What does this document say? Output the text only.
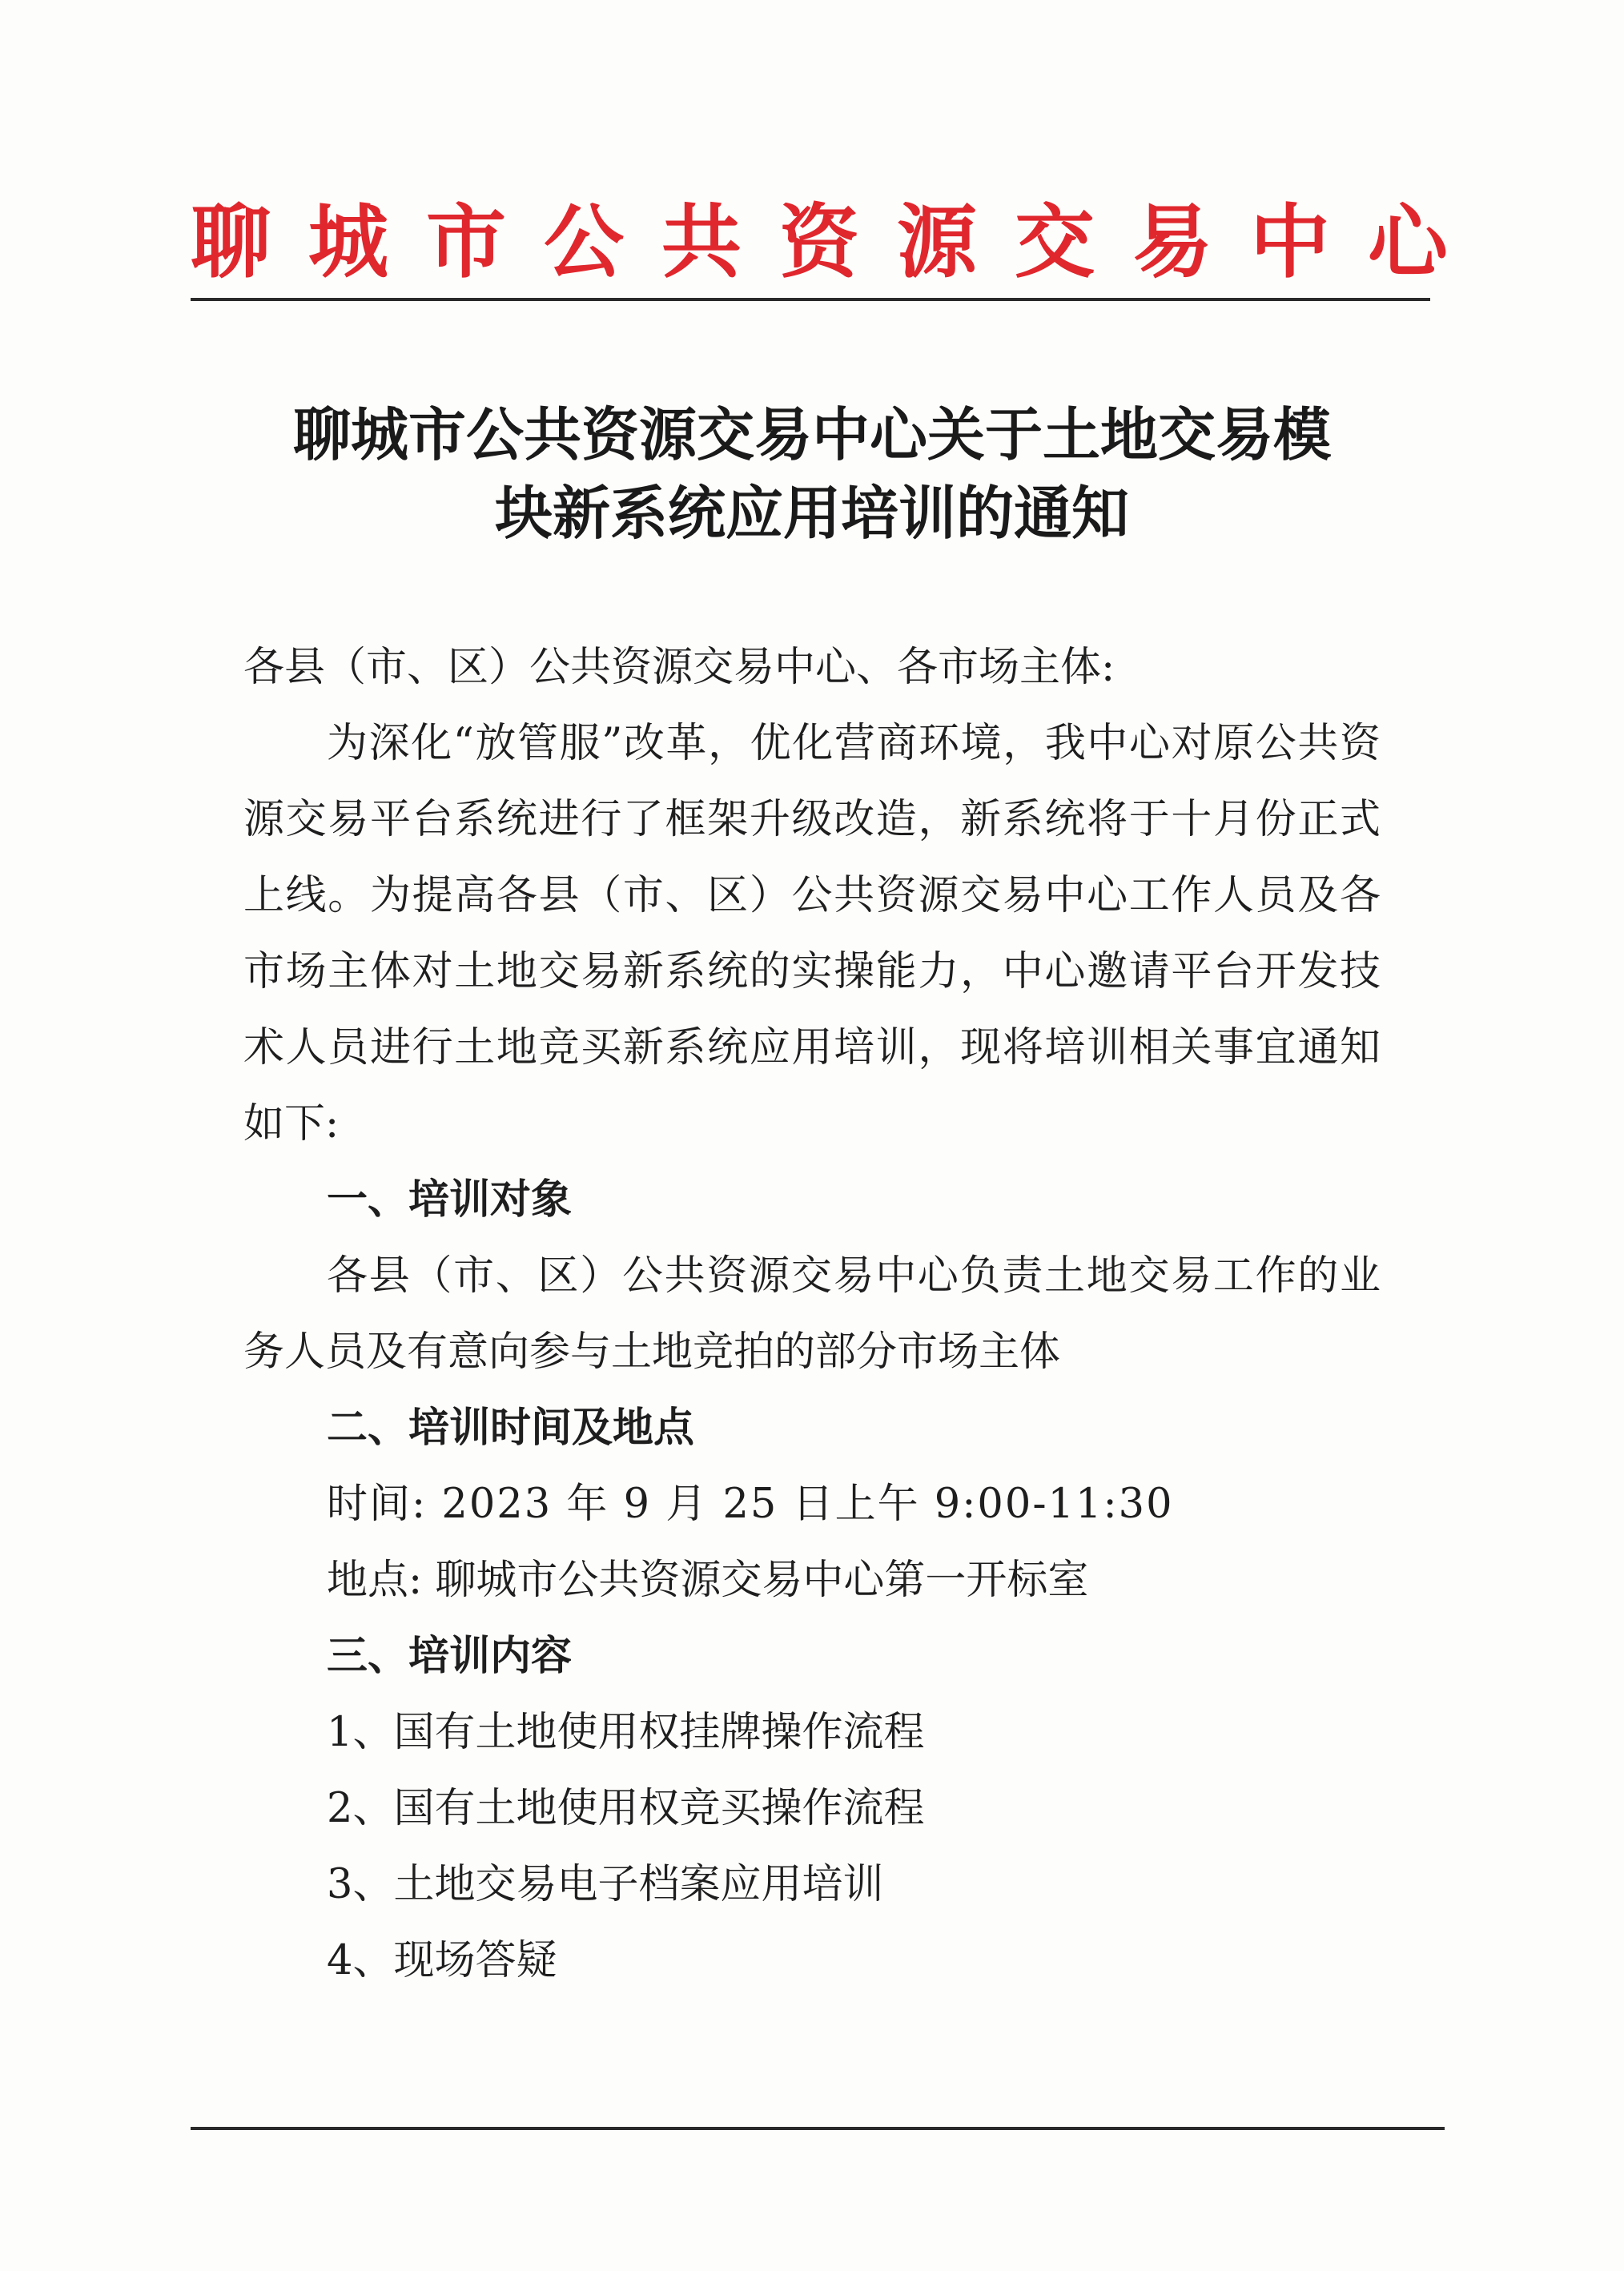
聊城市公共资源交易中心
聊城市公共资源交易中心关于土地交易模
块新系统应用培训的通知

各县（市、区）公共资源交易中心、各市场主体:

为深化“放管服”改革，优化营商环境，我中心对原公共资源交易平台系统进行了框架升级改造，新系统将于十月份正式上线。为提高各县（市、区）公共资源交易中心工作人员及各市场主体对土地交易新系统的实操能力，中心邀请平台开发技术人员进行土地竞买新系统应用培训，现将培训相关事宜通知如下:

一、培训对象

各县（市、区）公共资源交易中心负责土地交易工作的业务人员及有意向参与土地竞拍的部分市场主体

二、培训时间及地点

时间: 2023 年 9 月 25 日上午 9:00-11:30

地点: 聊城市公共资源交易中心第一开标室

三、培训内容

1、国有土地使用权挂牌操作流程

2、国有土地使用权竞买操作流程

3、土地交易电子档案应用培训

4、现场答疑
